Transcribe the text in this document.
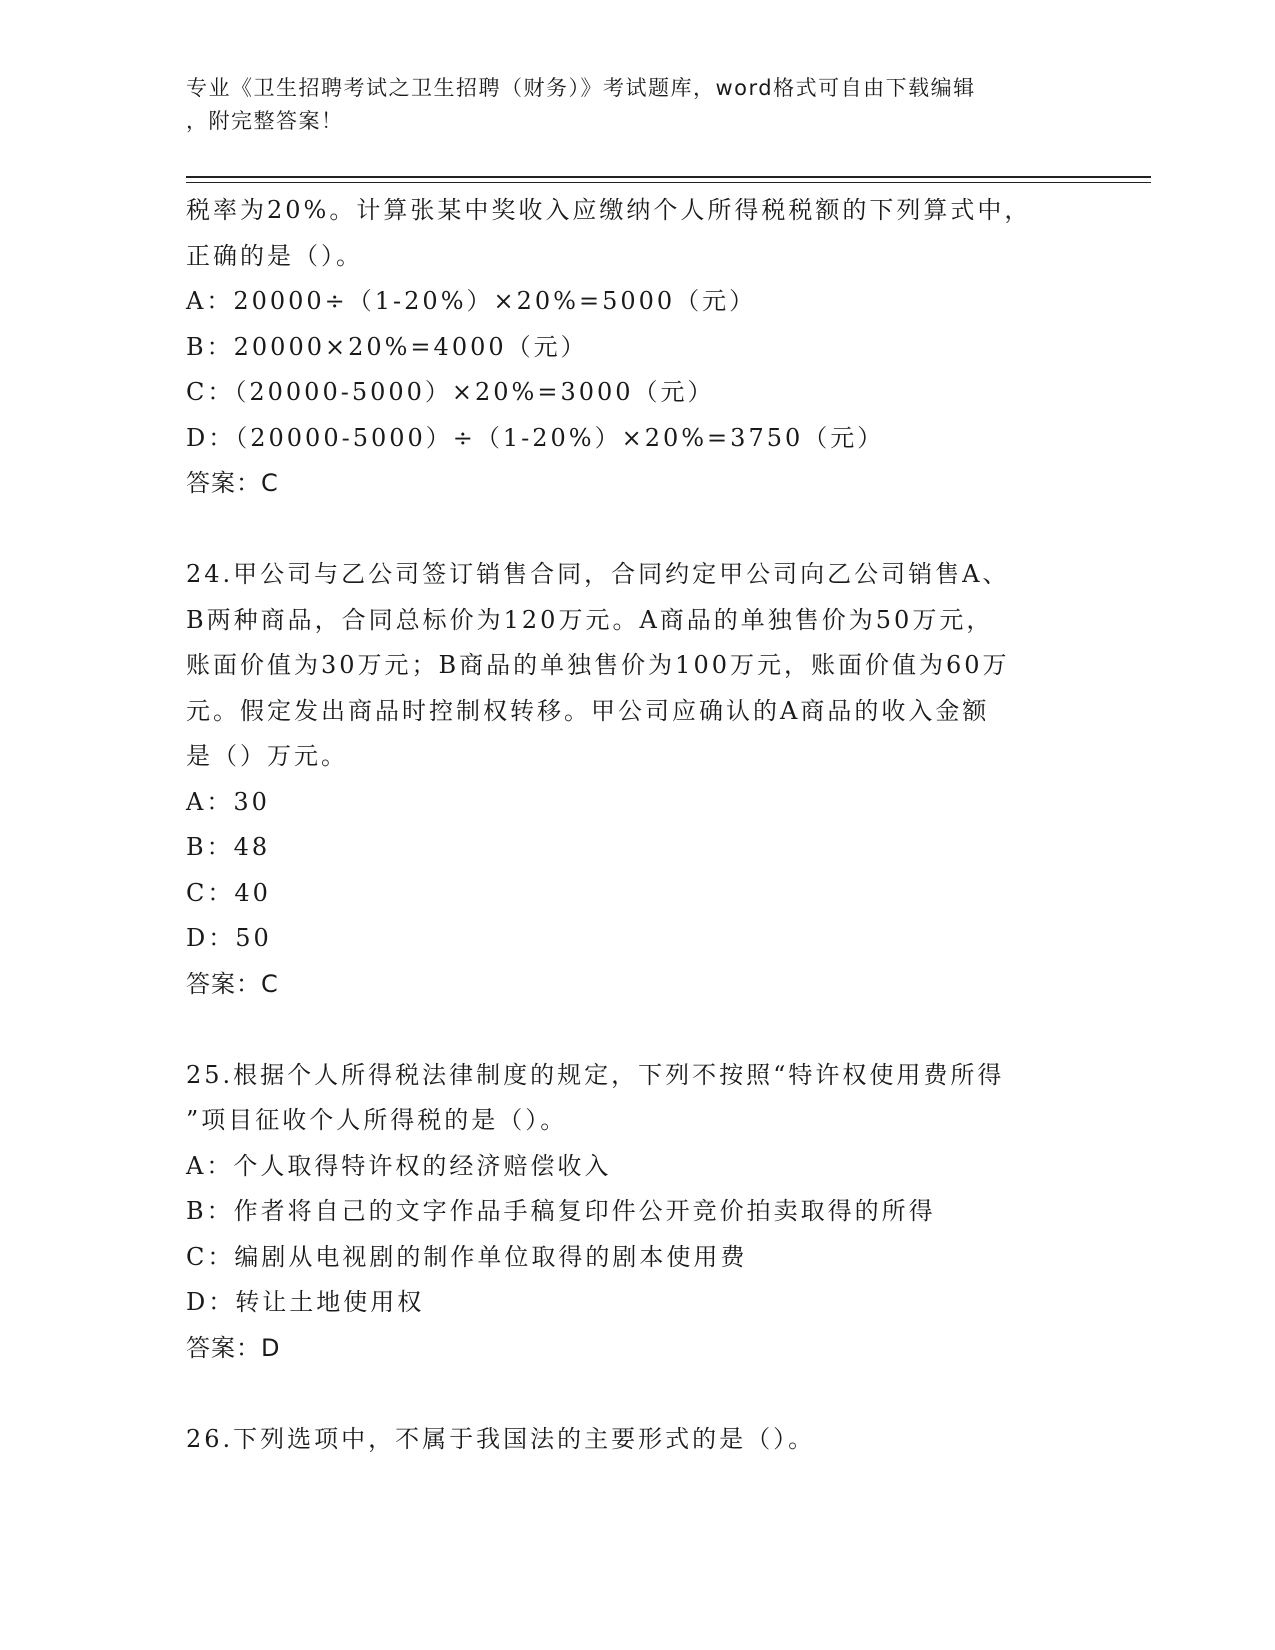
专业《卫生招聘考试之卫生招聘（财务）》考试题库，word格式可自由下载编辑
，附完整答案！
税率为20%。计算张某中奖收入应缴纳个人所得税税额的下列算式中，
正确的是（）。
A：20000÷（1-20%）×20%=5000（元）
B：20000×20%=4000（元）
C：（20000-5000）×20%=3000（元）
D：（20000-5000）÷（1-20%）×20%=3750（元）
答案：C
24.甲公司与乙公司签订销售合同，合同约定甲公司向乙公司销售A、
B两种商品，合同总标价为120万元。A商品的单独售价为50万元，
账面价值为30万元；B商品的单独售价为100万元，账面价值为60万
元。假定发出商品时控制权转移。甲公司应确认的A商品的收入金额
是（）万元。
A：30
B：48
C：40
D：50
答案：C
25.根据个人所得税法律制度的规定，下列不按照“特许权使用费所得
”项目征收个人所得税的是（）。
A：个人取得特许权的经济赔偿收入
B：作者将自己的文字作品手稿复印件公开竞价拍卖取得的所得
C：编剧从电视剧的制作单位取得的剧本使用费
D：转让土地使用权
答案：D
26.下列选项中，不属于我国法的主要形式的是（）。
